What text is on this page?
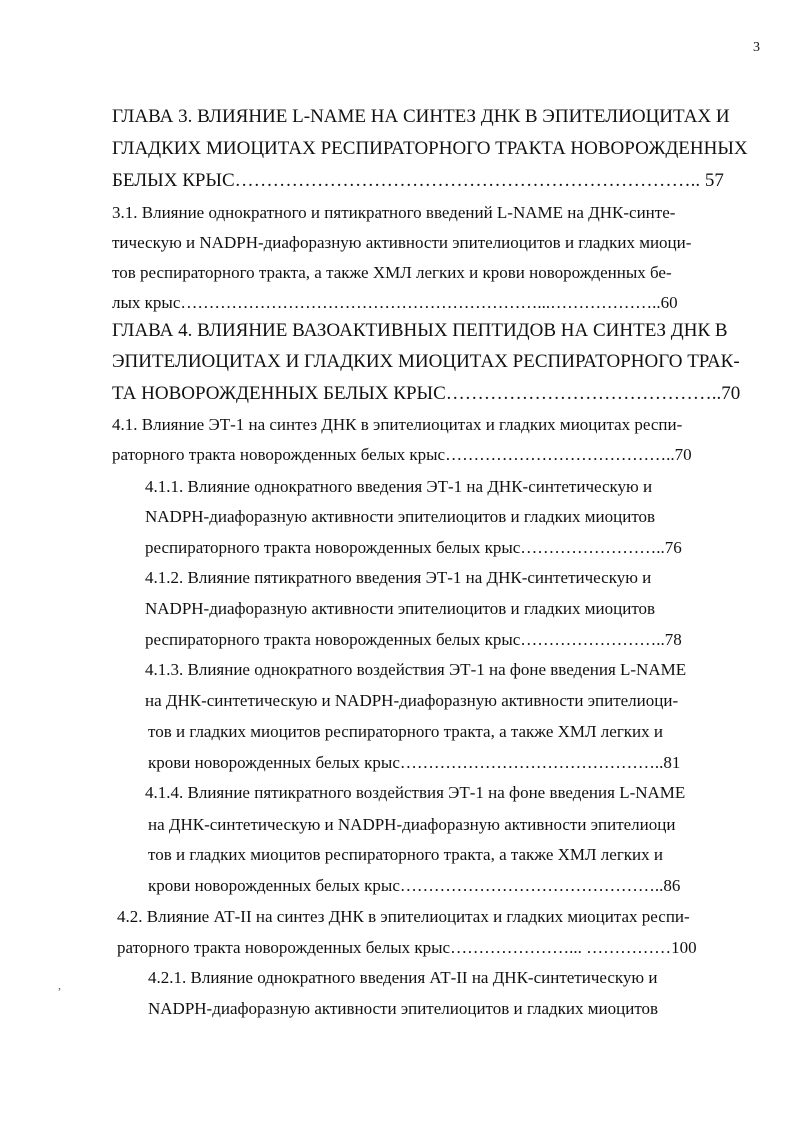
3
,
ГЛАВА 3. ВЛИЯНИЕ L-NAME НА СИНТЕЗ ДНК В ЭПИТЕЛИОЦИТАХ И
ГЛАДКИХ МИОЦИТАХ РЕСПИРАТОРНОГО ТРАКТА НОВОРОЖДЕННЫХ
БЕЛЫХ КРЫС……………………………………………………………….. 57
3.1. Влияние однократного и пятикратного введений L-NAME на ДНК-синте-
тическую и NADPH-диафоразную активности эпителиоцитов и гладких миоци-
тов респираторного тракта, а также ХМЛ легких и крови новорожденных бе-
лых крыс………………………………………………………...………………..60
ГЛАВА 4. ВЛИЯНИЕ ВАЗОАКТИВНЫХ ПЕПТИДОВ НА СИНТЕЗ ДНК В
ЭПИТЕЛИОЦИТАХ И ГЛАДКИХ МИОЦИТАХ РЕСПИРАТОРНОГО ТРАК-
ТА НОВОРОЖДЕННЫХ БЕЛЫХ КРЫС……………………………………..70
4.1. Влияние ЭТ-1 на синтез ДНК в эпителиоцитах и гладких миоцитах респи-
раторного тракта новорожденных белых крыс…………………………………..70
4.1.1. Влияние однократного введения ЭТ-1 на ДНК-синтетическую и
NADPH-диафоразную активности эпителиоцитов и гладких миоцитов
респираторного тракта новорожденных белых крыс……………………..76
4.1.2. Влияние пятикратного введения ЭТ-1 на ДНК-синтетическую и
NADPH-диафоразную активности эпителиоцитов и гладких миоцитов
респираторного тракта новорожденных белых крыс……………………..78
4.1.3. Влияние однократного воздействия ЭТ-1 на фоне введения L-NAME
на ДНК-синтетическую и NADPH-диафоразную активности эпителиоци-
тов и гладких миоцитов респираторного тракта, а также ХМЛ легких и
крови новорожденных белых крыс………………………………………..81
4.1.4. Влияние пятикратного воздействия ЭТ-1 на фоне введения L-NAME
на ДНК-синтетическую и NADPH-диафоразную активности эпителиоци
тов и гладких миоцитов респираторного тракта, а также ХМЛ легких и
крови новорожденных белых крыс………………………………………..86
4.2. Влияние АТ-II на синтез ДНК в эпителиоцитах и гладких миоцитах респи-
раторного тракта новорожденных белых крыс…………………... ……………100
4.2.1. Влияние однократного введения АТ-II на ДНК-синтетическую и
NADPH-диафоразную активности эпителиоцитов и гладких миоцитов
